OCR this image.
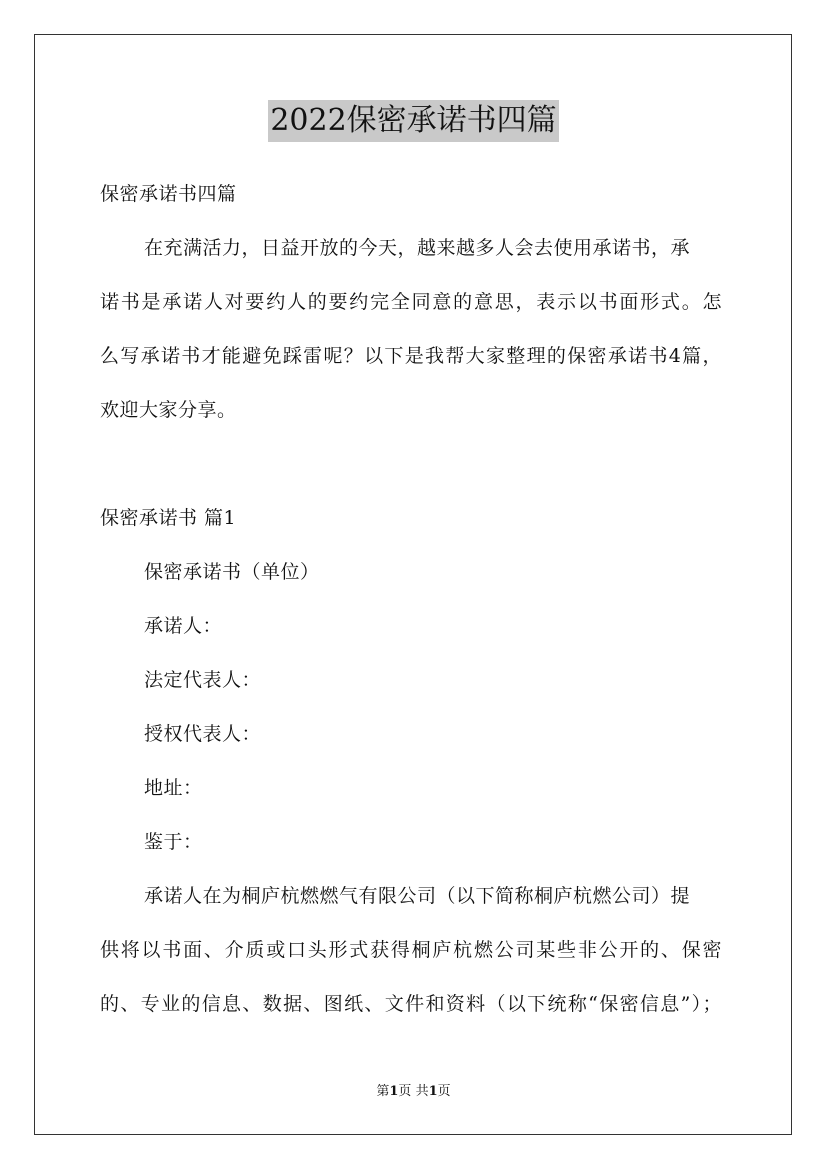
2022保密承诺书四篇
保密承诺书四篇
在充满活力，日益开放的今天，越来越多人会去使用承诺书，承
诺书是承诺人对要约人的要约完全同意的意思，表示以书面形式。怎
么写承诺书才能避免踩雷呢？以下是我帮大家整理的保密承诺书4篇，
欢迎大家分享。
保密承诺书 篇1
保密承诺书（单位）
承诺人：
法定代表人：
授权代表人：
地址：
鉴于：
承诺人在为桐庐杭燃燃气有限公司（以下简称桐庐杭燃公司）提
供将以书面、介质或口头形式获得桐庐杭燃公司某些非公开的、保密
的、专业的信息、数据、图纸、文件和资料（以下统称“保密信息”）；
第1页 共1页
